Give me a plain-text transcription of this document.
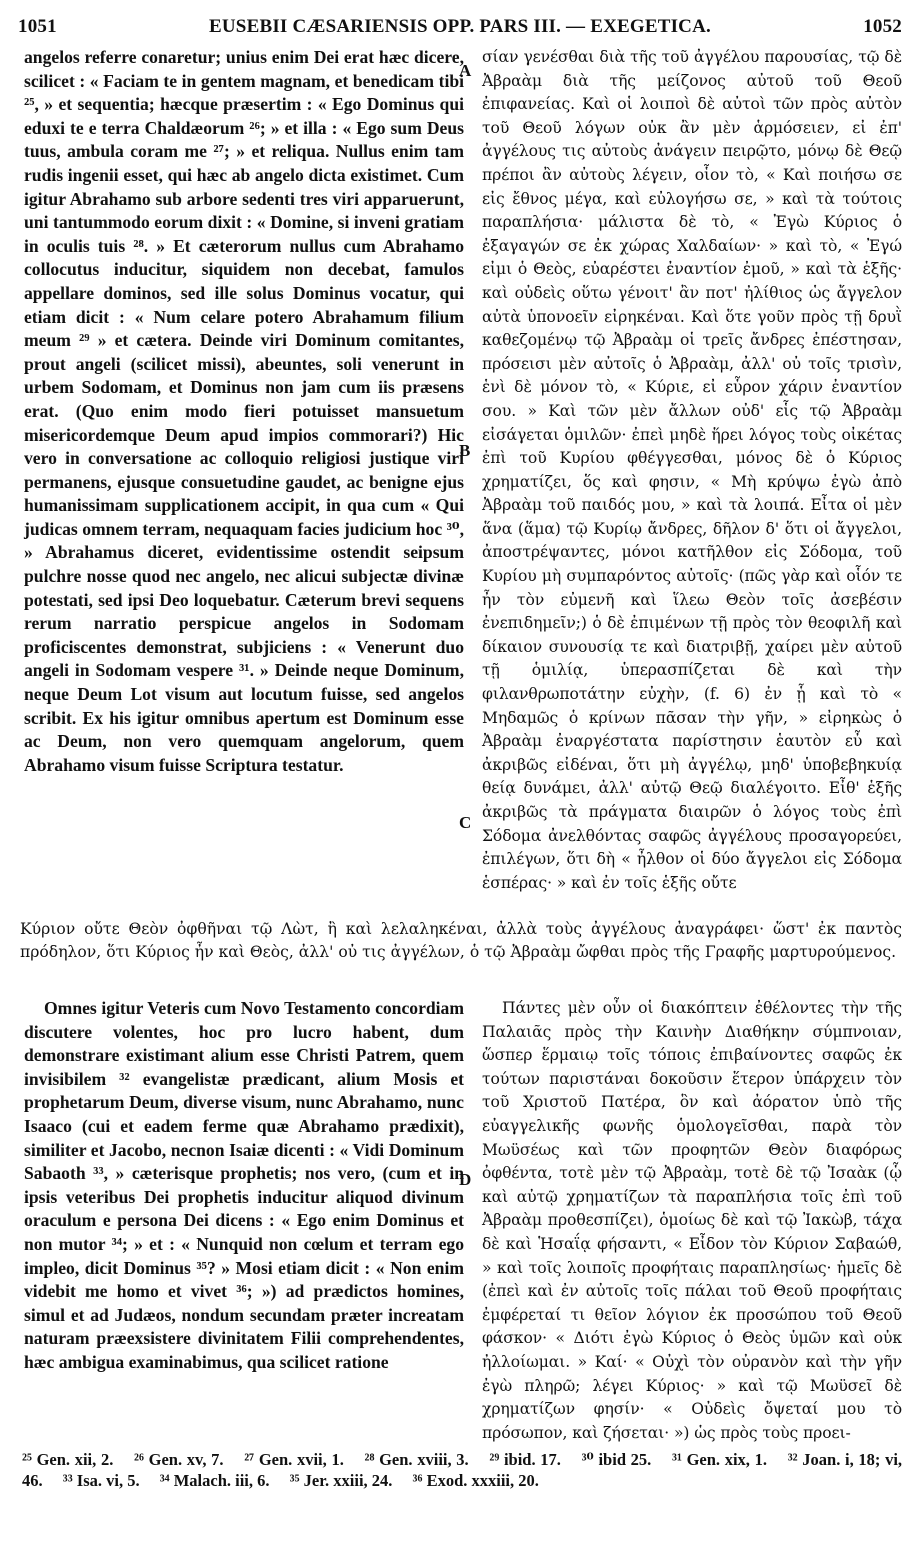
1051	EUSEBII CÆSARIENSIS OPP. PARS III. — EXEGETICA.	1052

angelos referre conaretur; unius enim Dei erat hæc dicere, scilicet : « Faciam te in gentem magnam, et benedicam tibi ²⁵, » et sequentia; hæcque præsertim : « Ego Dominus qui eduxi te e terra Chaldæorum ²⁶; » et illa : « Ego sum Deus tuus, ambula coram me ²⁷; » et reliqua. Nullus enim tam rudis ingenii esset, qui hæc ab angelo dicta existimet. Cum igitur Abrahamo sub arbore sedenti tres viri apparuerunt, uni tantummodo eorum dixit : « Domine, si inveni gratiam in oculis tuis ²⁸. » Et cæterorum nullus cum Abrahamo collocutus inducitur, siquidem non decebat, famulos appellare dominos, sed ille solus Dominus vocatur, qui etiam dicit : « Num celare potero Abrahamum filium meum ²⁹ » et cætera. Deinde viri Dominum comitantes, prout angeli (scilicet missi), abeuntes, soli venerunt in urbem Sodomam, et Dominus non jam cum iis præsens erat. (Quo enim modo fieri potuisset mansuetum misericordemque Deum apud impios commorari?) Hic vero in conversatione ac colloquio religiosi justique viri permanens, ejusque consuetudine gaudet, ac benigne ejus humanissimam supplicationem accipit, in qua cum « Qui judicas omnem terram, nequaquam facies judicium hoc ³⁰, » Abrahamus diceret, evidentissime ostendit seipsum pulchre nosse quod nec angelo, nec alicui subjectæ divinæ potestati, sed ipsi Deo loquebatur. Cæterum brevi sequens rerum narratio perspicue angelos in Sodomam proficiscentes demonstrat, subjiciens : « Venerunt duo angeli in Sodomam vespere ³¹. » Deinde neque Dominum, neque Deum Lot visum aut locutum fuisse, sed angelos scribit. Ex his igitur omnibus apertum est Dominum esse ac Deum, non vero quemquam angelorum, quem Abrahamo visum fuisse Scriptura testatur.

σίαν γενέσθαι διὰ τῆς τοῦ ἀγγέλου παρουσίας, τῷ δὲ Ἀβραὰμ διὰ τῆς μείζονος αὐτοῦ τοῦ Θεοῦ ἐπιφανείας. Καὶ οἱ λοιποὶ δὲ αὐτοὶ τῶν πρὸς αὐτὸν τοῦ Θεοῦ λόγων οὐκ ἂν μὲν ἁρμόσειεν, εἰ ἐπ' ἀγγέλους τις αὐτοὺς ἀνάγειν πειρῷτο, μόνῳ δὲ Θεῷ πρέποι ἂν αὐτοὺς λέγειν, οἷον τὸ, « Καὶ ποιήσω σε εἰς ἔθνος μέγα, καὶ εὐλογήσω σε, » καὶ τὰ τούτοις παραπλήσια· μάλιστα δὲ τὸ, « Ἐγὼ Κύριος ὁ ἐξαγαγών σε ἐκ χώρας Χαλδαίων· » καὶ τὸ, « Ἐγώ εἰμι ὁ Θεὸς, εὐαρέστει ἐναντίον ἐμοῦ, » καὶ τὰ ἑξῆς· καὶ οὐδεὶς οὕτω γένοιτ' ἂν ποτ' ἠλίθιος ὡς ἄγγελον αὐτὰ ὑπονοεῖν εἰρηκέναι. Καὶ ὅτε γοῦν πρὸς τῇ δρυῒ καθεζομένῳ τῷ Ἀβραὰμ οἱ τρεῖς ἄνδρες ἐπέστησαν, πρόσεισι μὲν αὐτοῖς ὁ Ἀβραὰμ, ἀλλ' οὐ τοῖς τρισὶν, ἑνὶ δὲ μόνον τὸ, « Κύριε, εἰ εὗρον χάριν ἐναντίον σου. » Καὶ τῶν μὲν ἄλλων οὐδ' εἷς τῷ Ἀβραὰμ εἰσάγεται ὁμιλῶν· ἐπεὶ μηδὲ ἥρει λόγος τοὺς οἰκέτας ἐπὶ τοῦ Κυρίου φθέγγεσθαι, μόνος δὲ ὁ Κύριος χρηματίζει, ὅς καὶ φησιν, « Μὴ κρύψω ἐγὼ ἀπὸ Ἀβραὰμ τοῦ παιδός μου, » καὶ τὰ λοιπά. Εἶτα οἱ μὲν ἅνα (ἅμα) τῷ Κυρίῳ ἄνδρες, δῆλον δ' ὅτι οἱ ἄγγελοι, ἀποστρέψαντες, μόνοι κατῆλθον εἰς Σόδομα, τοῦ Κυρίου μὴ συμπαρόντος αὐτοῖς· (πῶς γὰρ καὶ οἷόν τε ἦν τὸν εὐμενῆ καὶ ἵλεω Θεὸν τοῖς ἀσεβέσιν ἐνεπιδημεῖν;) ὁ δὲ ἐπιμένων τῇ πρὸς τὸν θεοφιλῆ καὶ δίκαιον συνουσίᾳ τε καὶ διατριβῇ, χαίρει μὲν αὐτοῦ τῇ ὁμιλίᾳ, ὑπερασπίζεται δὲ καὶ τὴν φιλανθρωποτάτην εὐχὴν, (f. 6) ἐν ᾗ καὶ τὸ « Μηδαμῶς ὁ κρίνων πᾶσαν τὴν γῆν, » εἰρηκὼς ὁ Ἀβραὰμ ἐναργέστατα παρίστησιν ἑαυτὸν εὖ καὶ ἀκριβῶς εἰδέναι, ὅτι μὴ ἀγγέλῳ, μηδ' ὑποβεβηκυίᾳ θείᾳ δυνάμει, ἀλλ' αὐτῷ Θεῷ διαλέγοιτο. Εἶθ' ἑξῆς ἀκριβῶς τὰ πράγματα διαιρῶν ὁ λόγος τοὺς ἐπὶ Σόδομα ἀνελθόντας σαφῶς ἀγγέλους προσαγορεύει, ἐπιλέγων, ὅτι δὴ « ἦλθον οἱ δύο ἄγγελοι εἰς Σόδομα ἑσπέρας· » καὶ ἐν τοῖς ἑξῆς οὔτε

A
B
C
D

Κύριον οὔτε Θεὸν ὀφθῆναι τῷ Λὼτ, ἢ καὶ λελαληκέναι, ἀλλὰ τοὺς ἀγγέλους ἀναγράφει· ὥστ' ἐκ παντὸς πρόδηλον, ὅτι Κύριος ἦν καὶ Θεὸς, ἀλλ' οὐ τις ἀγγέλων, ὁ τῷ Ἀβραὰμ ὤφθαι πρὸς τῆς Γραφῆς μαρτυρούμενος.

Omnes igitur Veteris cum Novo Testamento concordiam discutere volentes, hoc pro lucro habent, dum demonstrare existimant alium esse Christi Patrem, quem invisibilem ³² evangelistæ prædicant, alium Mosis et prophetarum Deum, diverse visum, nunc Abrahamo, nunc Isaaco (cui et eadem ferme quæ Abrahamo prædixit), similiter et Jacobo, necnon Isaiæ dicenti : « Vidi Dominum Sabaoth ³³, » cæterisque prophetis; nos vero, (cum et in ipsis veteribus Dei prophetis inducitur aliquod divinum oraculum e persona Dei dicens : « Ego enim Dominus et non mutor ³⁴; » et : « Nunquid non cœlum et terram ego impleo, dicit Dominus ³⁵? » Mosi etiam dicit : « Non enim videbit me homo et vivet ³⁶; ») ad prædictos homines, simul et ad Judæos, nondum secundam præter increatam naturam præexsistere divinitatem Filii comprehendentes, hæc ambigua examinabimus, qua scilicet ratione

Πάντες μὲν οὖν οἱ διακόπτειν ἐθέλοντες τὴν τῆς Παλαιᾶς πρὸς τὴν Καινὴν Διαθήκην σύμπνοιαν, ὥσπερ ἕρμαιῳ τοῖς τόποις ἐπιβαίνοντες σαφῶς ἐκ τούτων παριστάναι δοκοῦσιν ἕτερον ὑπάρχειν τὸν τοῦ Χριστοῦ Πατέρα, ὃν καὶ ἀόρατον ὑπὸ τῆς εὐαγγελικῆς φωνῆς ὁμολογεῖσθαι, παρὰ τὸν Μωϋσέως καὶ τῶν προφητῶν Θεὸν διαφόρως ὀφθέντα, τοτὲ μὲν τῷ Ἀβραὰμ, τοτὲ δὲ τῷ Ἰσαὰκ (ᾧ καὶ αὐτῷ χρηματίζων τὰ παραπλήσια τοῖς ἐπὶ τοῦ Ἀβραὰμ προθεσπίζει), ὁμοίως δὲ καὶ τῷ Ἰακὼβ, τάχα δὲ καὶ Ἡσαΐᾳ φήσαντι, « Εἶδον τὸν Κύριον Σαβαώθ, » καὶ τοῖς λοιποῖς προφήταις παραπλησίως· ἡμεῖς δὲ (ἐπεὶ καὶ ἐν αὐτοῖς τοῖς πάλαι τοῦ Θεοῦ προφήταις ἐμφέρεταί τι θεῖον λόγιον ἐκ προσώπου τοῦ Θεοῦ φάσκον· « Διότι ἐγὼ Κύριος ὁ Θεὸς ὑμῶν καὶ οὐκ ἠλλοίωμαι. » Καί· « Οὐχὶ τὸν οὐρανὸν καὶ τὴν γῆν ἐγὼ πληρῶ; λέγει Κύριος· » καὶ τῷ Μωϋσεῖ δὲ χρηματίζων φησίν· « Οὐδεὶς ὄψεταί μου τὸ πρόσωπον, καὶ ζήσεται· ») ὡς πρὸς τοὺς προει-

²⁵ Gen. xii, 2. ²⁶ Gen. xv, 7. ²⁷ Gen. xvii, 1. ²⁸ Gen. xviii, 3. ²⁹ ibid. 17. ³⁰ ibid 25. ³¹ Gen. xix, 1. ³² Joan. i, 18; vi, 46. ³³ Isa. vi, 5. ³⁴ Malach. iii, 6. ³⁵ Jer. xxiii, 24. ³⁶ Exod. xxxiii, 20.
